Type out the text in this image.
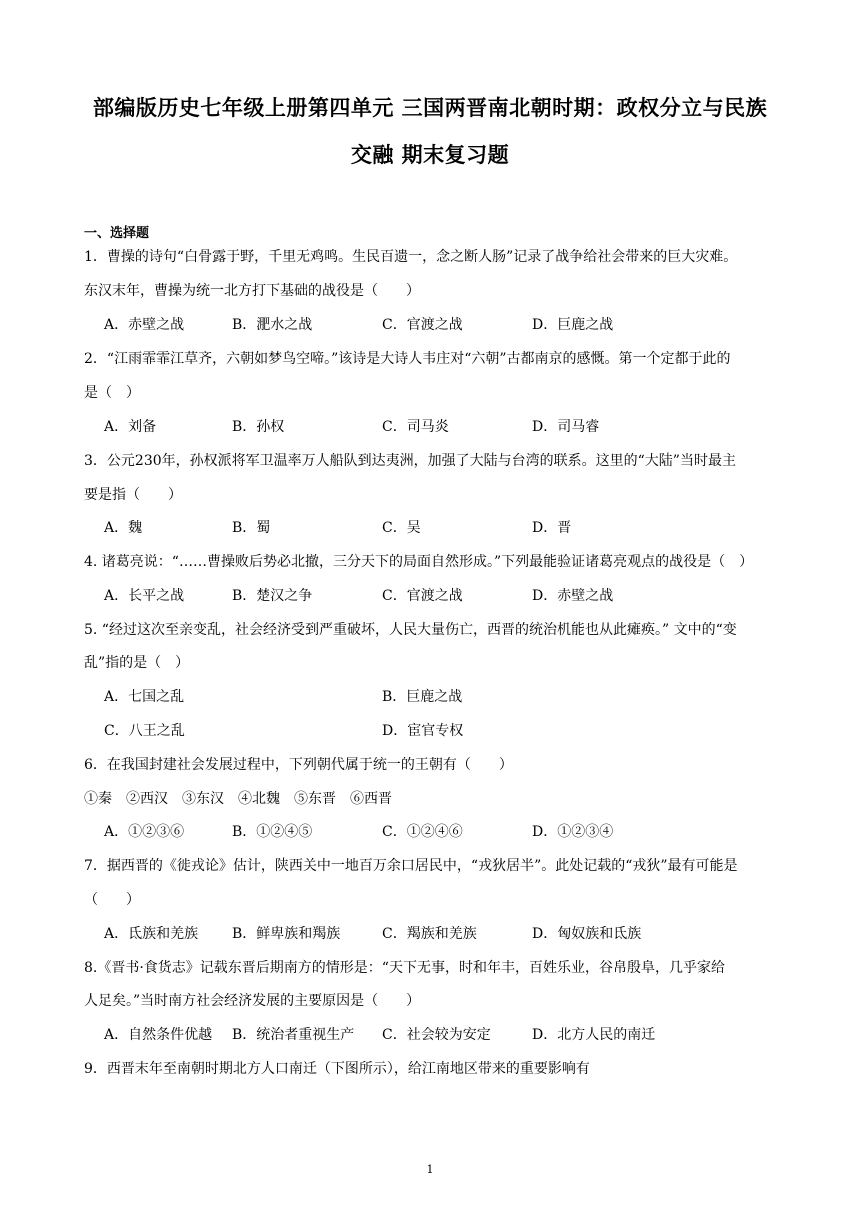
部编版历史七年级上册第四单元 三国两晋南北朝时期：政权分立与民族
交融 期末复习题
一、选择题
1．曹操的诗句“白骨露于野，千里无鸡鸣。生民百遗一，念之断人肠”记录了战争给社会带来的巨大灾难。
东汉末年，曹操为统一北方打下基础的战役是（　　）
A．赤壁之战	B．淝水之战	C．官渡之战	D．巨鹿之战
2．“江雨霏霏江草齐，六朝如梦鸟空啼。”该诗是大诗人韦庄对“六朝”古都南京的感慨。第一个定都于此的
是（　）
A．刘备	B．孙权	C．司马炎	D．司马睿
3．公元230年，孙权派将军卫温率万人船队到达夷洲，加强了大陆与台湾的联系。这里的“大陆”当时最主
要是指（　　）
A．魏	B．蜀	C．吴	D．晋
4. 诸葛亮说：“……曹操败后势必北撤，三分天下的局面自然形成。”下列最能验证诸葛亮观点的战役是（　）
A．长平之战	B．楚汉之争	C．官渡之战	D．赤壁之战
5. “经过这次至亲变乱，社会经济受到严重破坏，人民大量伤亡，西晋的统治机能也从此瘫痪。” 文中的“变
乱”指的是（　）
A．七国之乱	B．巨鹿之战
C．八王之乱	D．宦官专权
6．在我国封建社会发展过程中，下列朝代属于统一的王朝有（　　）
①秦　②西汉　③东汉　④北魏　⑤东晋　⑥西晋
A．①②③⑥	B．①②④⑤	C．①②④⑥	D．①②③④
7．据西晋的《徙戎论》估计，陕西关中一地百万余口居民中，“戎狄居半”。此处记载的“戎狄”最有可能是
（　　）
A．氐族和羌族 B．鲜卑族和羯族	C．羯族和羌族	D．匈奴族和氐族
8.《晋书·食货志》记载东晋后期南方的情形是：“天下无事，时和年丰，百姓乐业，谷帛殷阜，几乎家给
人足矣。”当时南方社会经济发展的主要原因是（　　）
A．自然条件优越 B．统治者重视生产 C．社会较为安定	D．北方人民的南迁
9．西晋末年至南朝时期北方人口南迁（下图所示），给江南地区带来的重要影响有
1
